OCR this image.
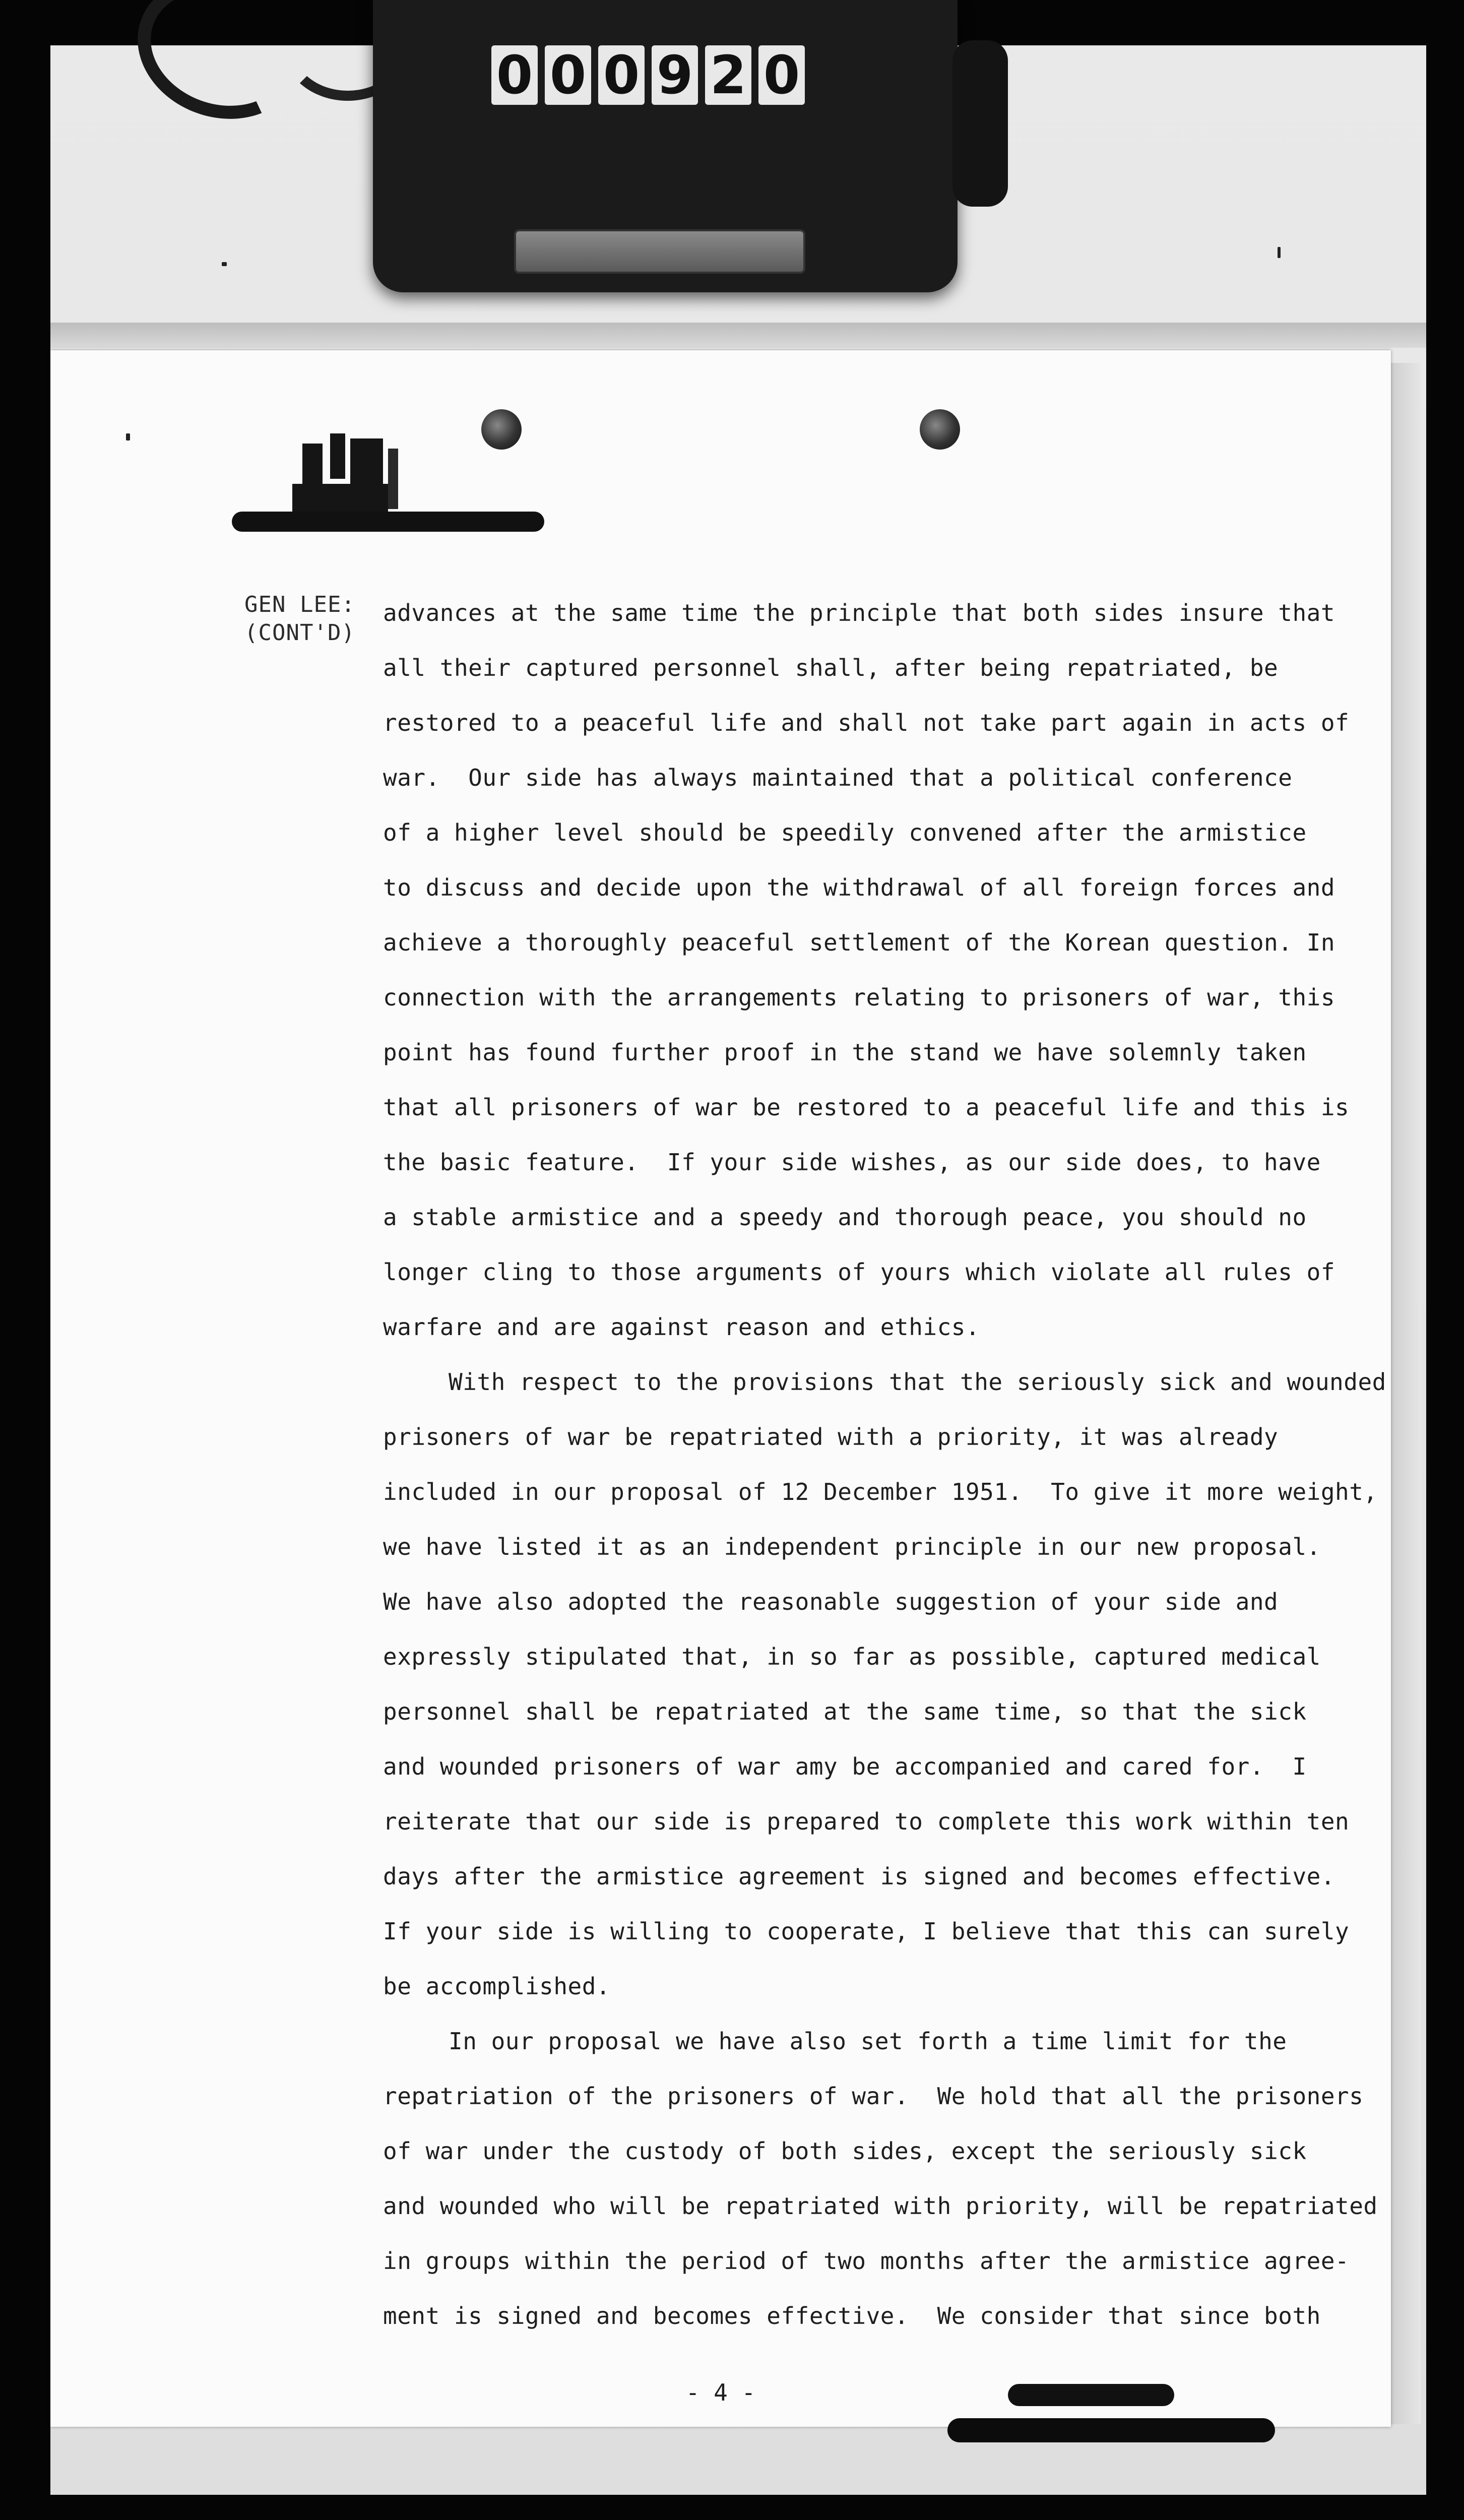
0 0 0 9 2 0
GEN LEE:
(CONT'D)
advances at the same time the principle that both sides insure that
all their captured personnel shall, after being repatriated, be
restored to a peaceful life and shall not take part again in acts of
war.  Our side has always maintained that a political conference
of a higher level should be speedily convened after the armistice
to discuss and decide upon the withdrawal of all foreign forces and
achieve a thoroughly peaceful settlement of the Korean question. In
connection with the arrangements relating to prisoners of war, this
point has found further proof in the stand we have solemnly taken
that all prisoners of war be restored to a peaceful life and this is
the basic feature.  If your side wishes, as our side does, to have
a stable armistice and a speedy and thorough peace, you should no
longer cling to those arguments of yours which violate all rules of
warfare and are against reason and ethics.
With respect to the provisions that the seriously sick and wounded
prisoners of war be repatriated with a priority, it was already
included in our proposal of 12 December 1951.  To give it more weight,
we have listed it as an independent principle in our new proposal.
We have also adopted the reasonable suggestion of your side and
expressly stipulated that, in so far as possible, captured medical
personnel shall be repatriated at the same time, so that the sick
and wounded prisoners of war amy be accompanied and cared for.  I
reiterate that our side is prepared to complete this work within ten
days after the armistice agreement is signed and becomes effective.
If your side is willing to cooperate, I believe that this can surely
be accomplished.
In our proposal we have also set forth a time limit for the
repatriation of the prisoners of war.  We hold that all the prisoners
of war under the custody of both sides, except the seriously sick
and wounded who will be repatriated with priority, will be repatriated
in groups within the period of two months after the armistice agree-
ment is signed and becomes effective.  We consider that since both
- 4 -
